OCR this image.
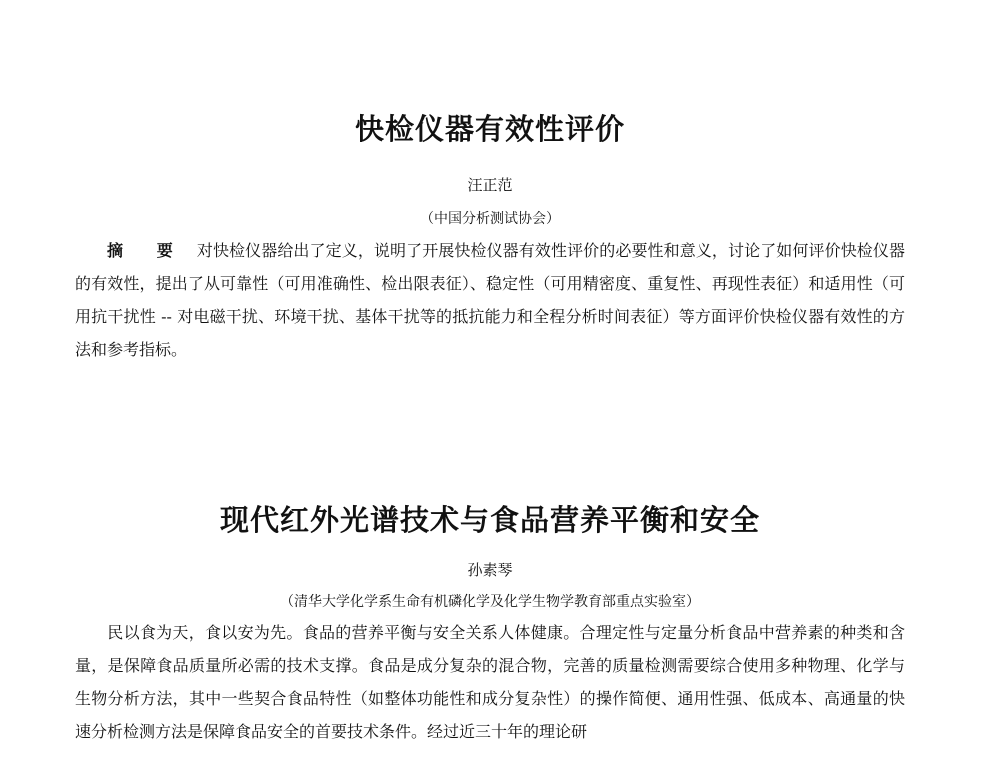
快检仪器有效性评价
汪正范
（中国分析测试协会）

摘 要 对快检仪器给出了定义，说明了开展快检仪器有效性评价的必要性和意义，讨论了如何评价快检仪器的有效性，提出了从可靠性（可用准确性、检出限表征）、稳定性（可用精密度、重复性、再现性表征）和适用性（可用抗干扰性 -- 对电磁干扰、环境干扰、基体干扰等的抵抗能力和全程分析时间表征）等方面评价快检仪器有效性的方法和参考指标。

现代红外光谱技术与食品营养平衡和安全
孙素琴
（清华大学化学系生命有机磷化学及化学生物学教育部重点实验室）

民以食为天，食以安为先。食品的营养平衡与安全关系人体健康。合理定性与定量分析食品中营养素的种类和含量，是保障食品质量所必需的技术支撑。食品是成分复杂的混合物，完善的质量检测需要综合使用多种物理、化学与生物分析方法，其中一些契合食品特性（如整体功能性和成分复杂性）的操作简便、通用性强、低成本、高通量的快速分析检测方法是保障食品安全的首要技术条件。经过近三十年的理论研
